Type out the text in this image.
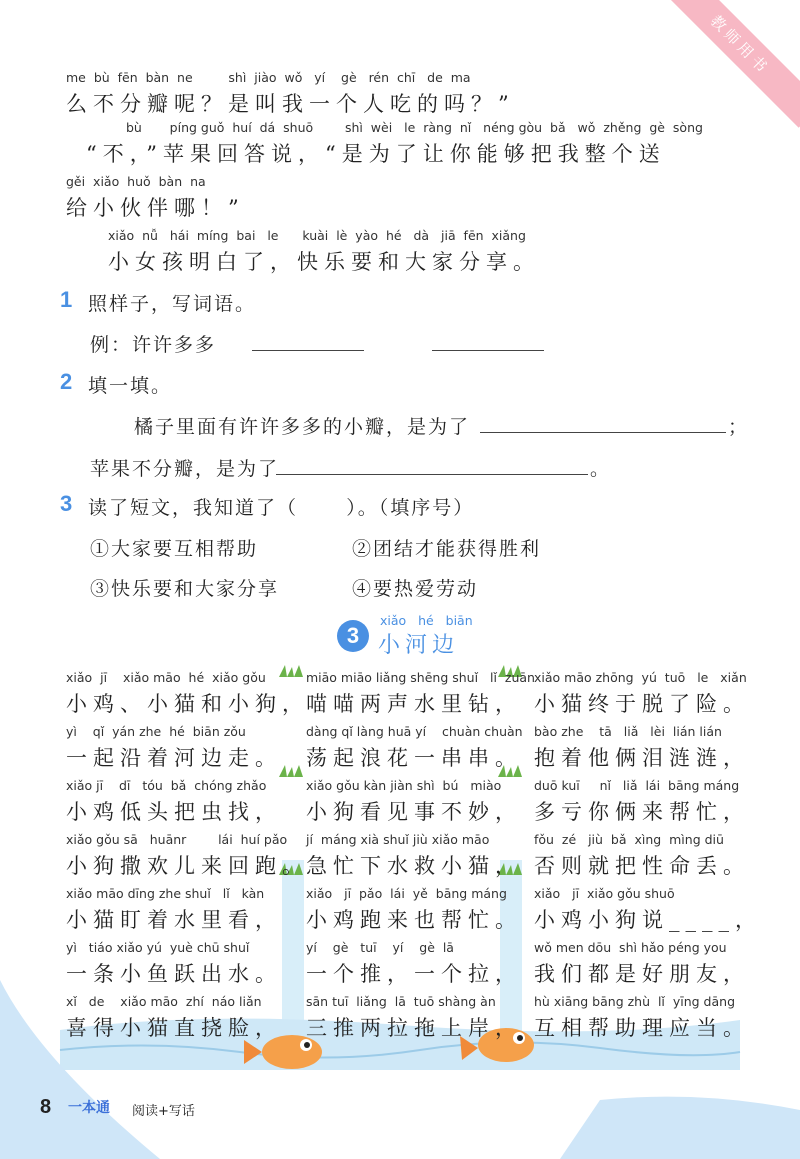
教师用书
me  bù  fēn  bàn  ne         shì  jiào  wǒ   yí    gè   rén  chī   de  ma
么不分瓣呢？是叫我一个人吃的吗？”
bù       píng guǒ  huí  dá  shuō        shì  wèi   le  ràng  nǐ   néng gòu  bǎ   wǒ  zhěng  gè  sòng
“不，”苹果回答说，“是为了让你能够把我整个送
gěi  xiǎo  huǒ  bàn  na
给小伙伴哪！”
xiǎo  nǚ   hái  míng  bai   le      kuài  lè  yào  hé   dà   jiā  fēn  xiǎng
小女孩明白了，快乐要和大家分享。
1 照样子，写词语。
例：许许多多
2 填一填。
橘子里面有许许多多的小瓣，是为了	；
苹果不分瓣，是为了	。
3 读了短文，我知道了（      ）。（填序号）
①大家要互相帮助	②团结才能获得胜利
③快乐要和大家分享	④要热爱劳动
3
xiǎo   hé   biān
小河边
xiǎo  jī    xiǎo māo  hé  xiǎo gǒu
小鸡、小猫和小狗，
yì    qǐ  yán zhe  hé  biān zǒu
一起沿着河边走。
xiǎo jī    dī   tóu  bǎ  chóng zhǎo
小鸡低头把虫找，
xiǎo gǒu sā   huānr        lái  huí pǎo
小狗撒欢儿来回跑。
xiǎo māo dīng zhe shuǐ   lǐ   kàn
小猫盯着水里看，
yì   tiáo xiǎo yú  yuè chū shuǐ
一条小鱼跃出水。
xǐ   de    xiǎo māo  zhí  náo liǎn
喜得小猫直挠脸，
miāo miāo liǎng shēng shuǐ   lǐ  zuān
喵喵两声水里钻，
dàng qǐ làng huā yí    chuàn chuàn
荡起浪花一串串。
xiǎo gǒu kàn jiàn shì  bú   miào
小狗看见事不妙，
jí  máng xià shuǐ jiù xiǎo māo
急忙下水救小猫，
xiǎo   jī  pǎo  lái  yě  bāng máng
小鸡跑来也帮忙。
yí    gè   tuī    yí    gè  lā
一个推，一个拉，
sān tuī  liǎng  lā  tuō shàng àn
三推两拉拖上岸，
xiǎo māo zhōng  yú  tuō   le   xiǎn
小猫终于脱了险。
bào zhe    tā   liǎ   lèi  lián lián
抱着他俩泪涟涟，
duō kuī     nǐ   liǎ  lái  bāng máng
多亏你俩来帮忙，
fǒu  zé   jiù  bǎ  xìng  mìng diū
否则就把性命丢。
xiǎo   jī  xiǎo gǒu shuō
小鸡小狗说____，
wǒ men dōu  shì hǎo péng you
我们都是好朋友，
hù xiāng bāng zhù  lǐ  yīng dāng
互相帮助理应当。
8 一本通 阅读+写话
